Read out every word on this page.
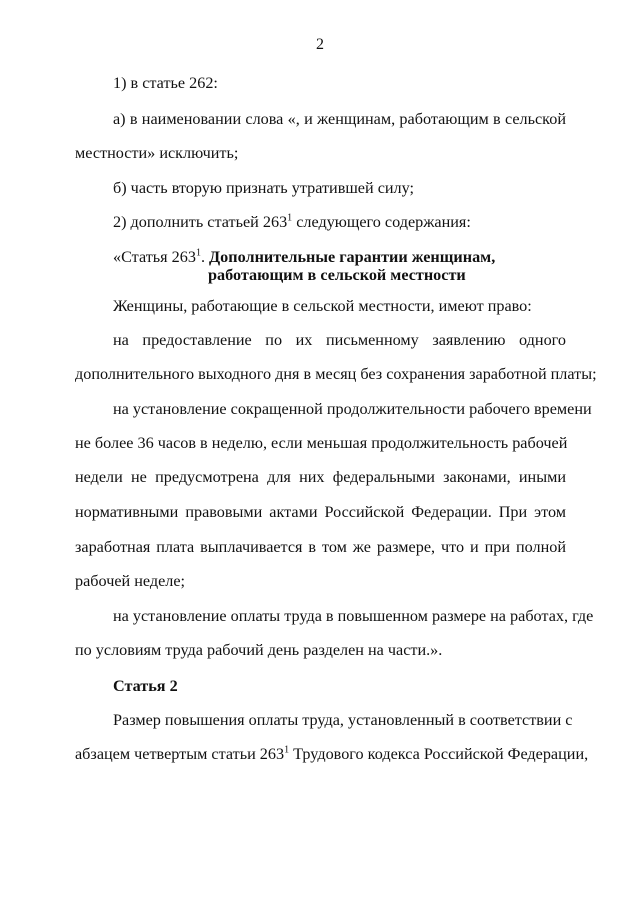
2
1) в статье 262:
а) в наименовании слова «, и женщинам, работающим в сельской
местности» исключить;
б) часть вторую признать утратившей силу;
2) дополнить статьей $263^1$ следующего содержания:
«Статья $263^1$. Дополнительные гарантии женщинам,
работающим в сельской местности
Женщины, работающие в сельской местности, имеют право:
на предоставление по их письменному заявлению одного
дополнительного выходного дня в месяц без сохранения заработной платы;
на установление сокращенной продолжительности рабочего времени
не более 36 часов в неделю, если меньшая продолжительность рабочей
недели не предусмотрена для них федеральными законами, иными
нормативными правовыми актами Российской Федерации. При этом
заработная плата выплачивается в том же размере, что и при полной
рабочей неделе;
на установление оплаты труда в повышенном размере на работах, где
по условиям труда рабочий день разделен на части.».
Статья 2
Размер повышения оплаты труда, установленный в соответствии с
абзацем четвертым статьи $263^1$ Трудового кодекса Российской Федерации,
